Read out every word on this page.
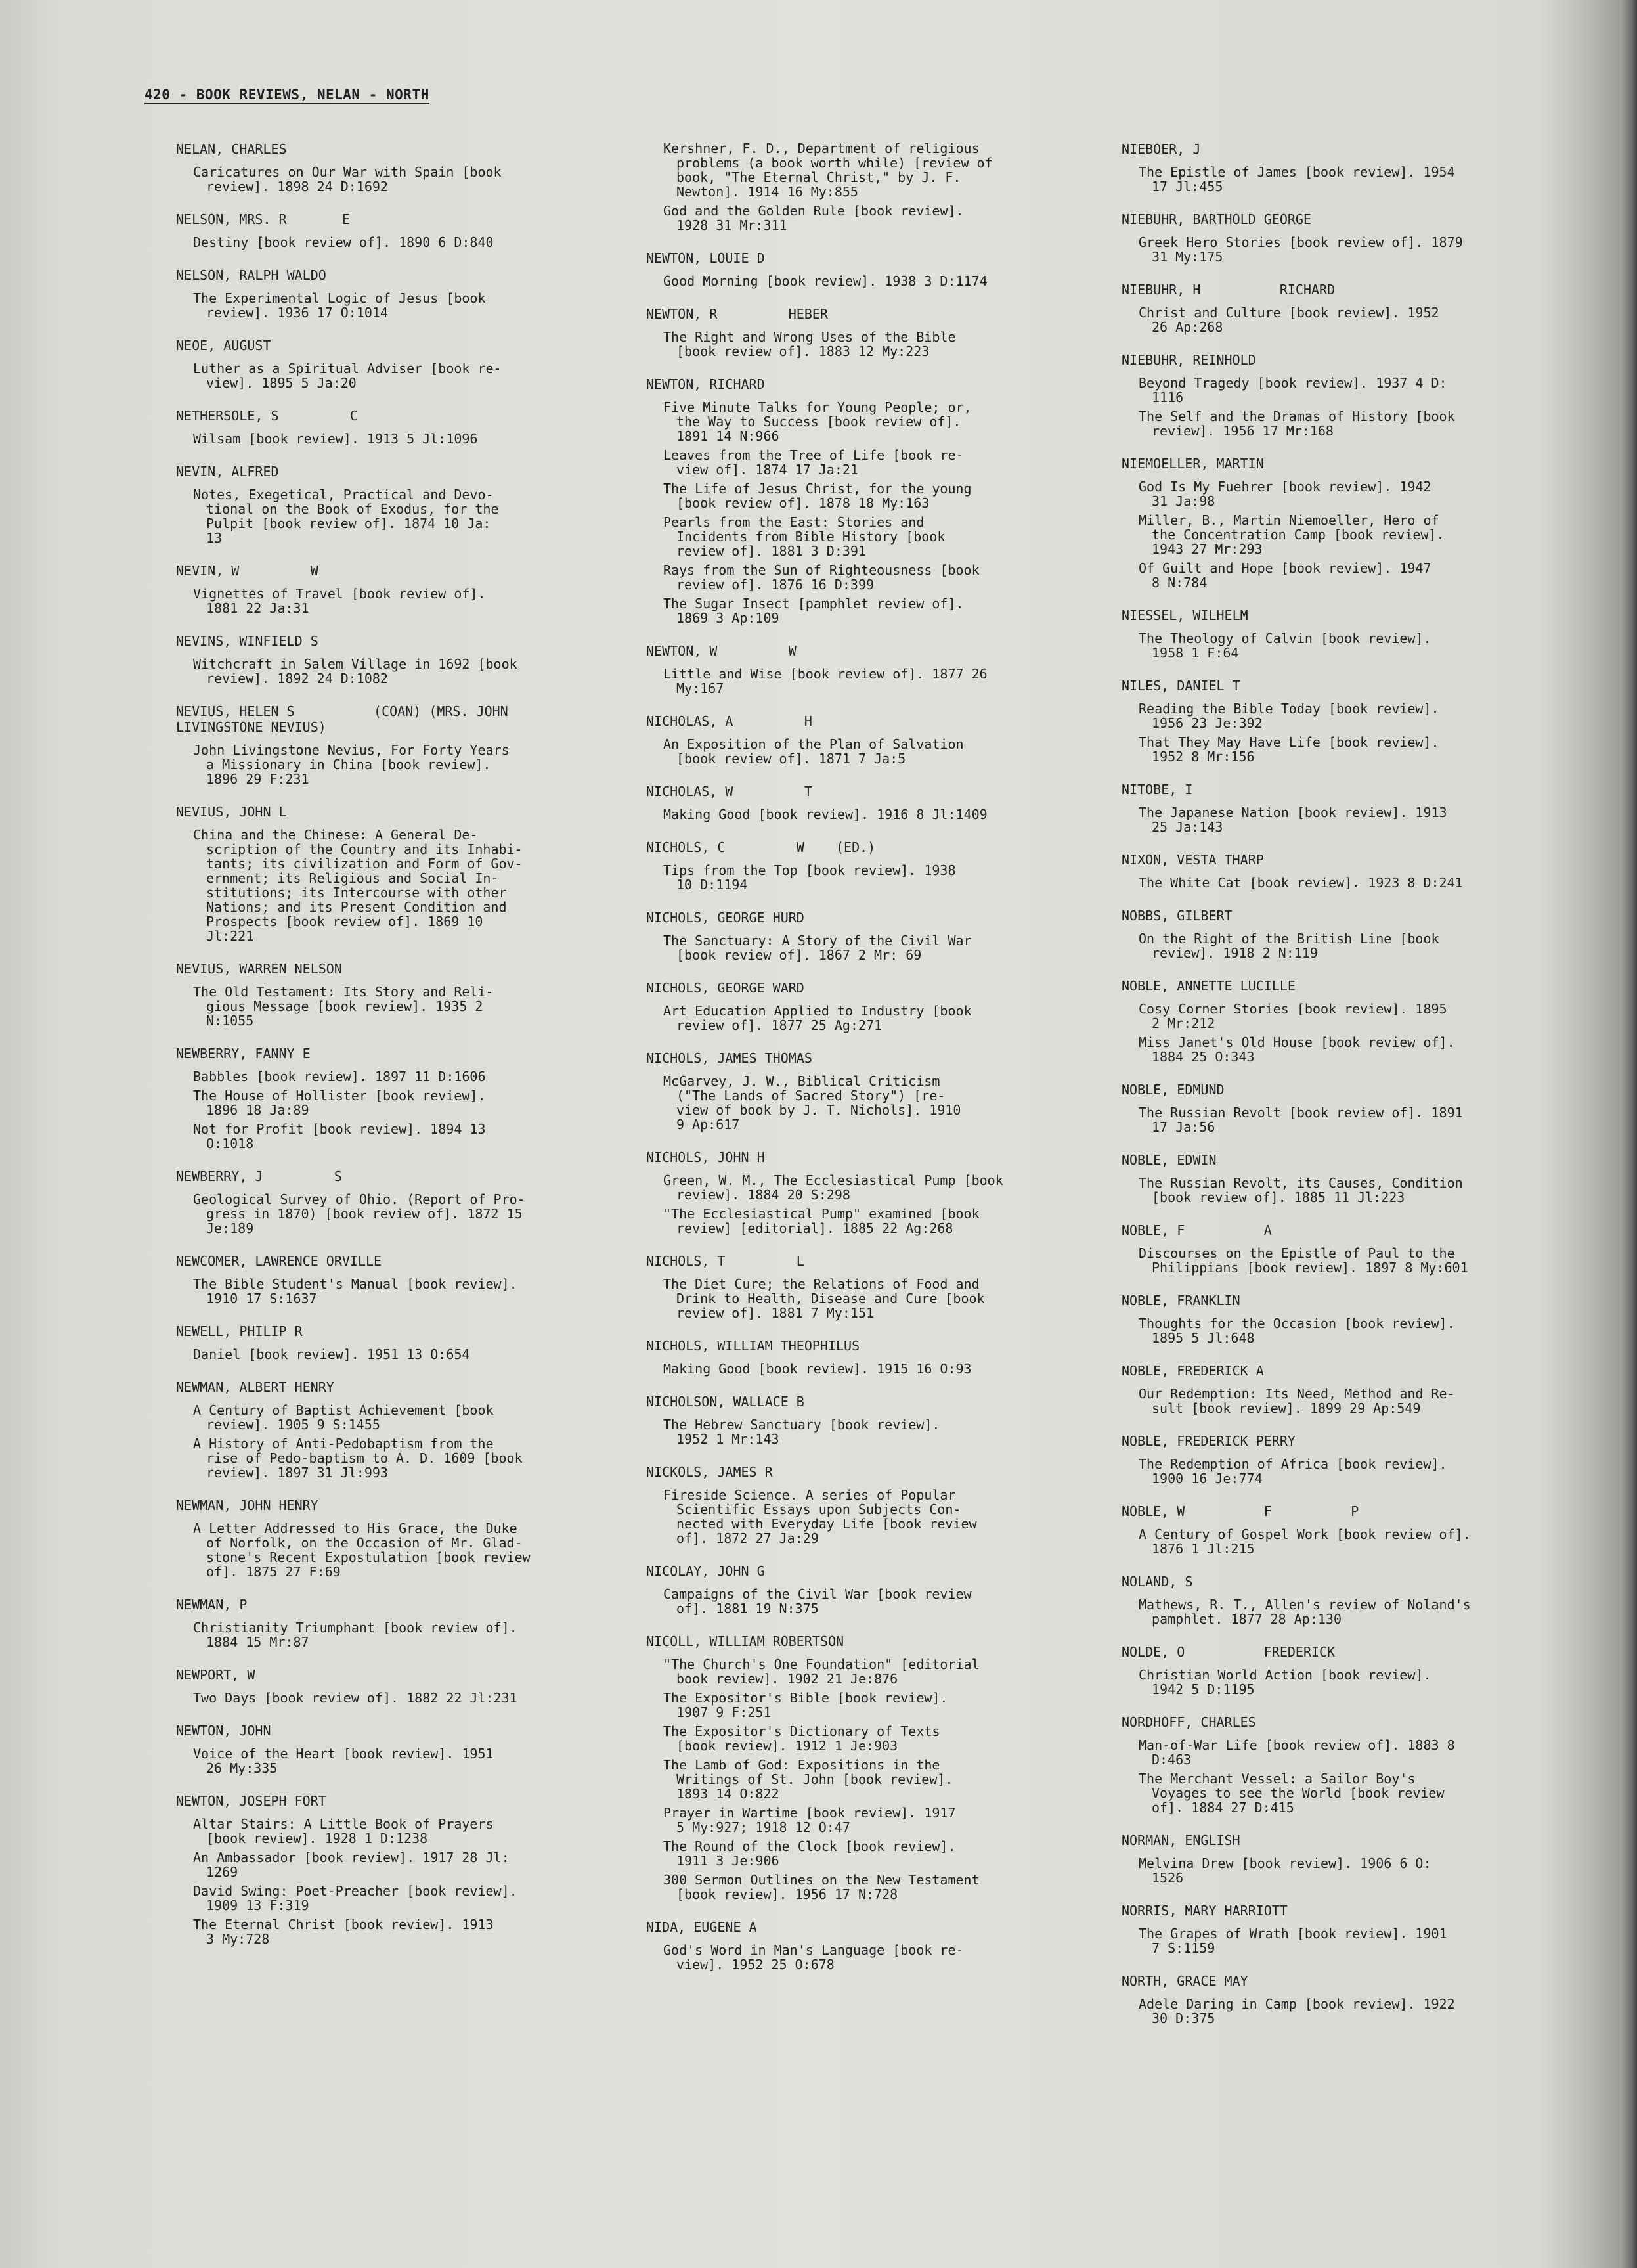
420 - BOOK REVIEWS, NELAN - NORTH
NELAN, CHARLES
Caricatures on Our War with Spain [book
review]. 1898 24 D:1692
NELSON, MRS. R       E
Destiny [book review of]. 1890 6 D:840
NELSON, RALPH WALDO
The Experimental Logic of Jesus [book
review]. 1936 17 O:1014
NEOE, AUGUST
Luther as a Spiritual Adviser [book re-
view]. 1895 5 Ja:20
NETHERSOLE, S         C
Wilsam [book review]. 1913 5 Jl:1096
NEVIN, ALFRED
Notes, Exegetical, Practical and Devo-
tional on the Book of Exodus, for the
Pulpit [book review of]. 1874 10 Ja:
13
NEVIN, W         W
Vignettes of Travel [book review of].
1881 22 Ja:31
NEVINS, WINFIELD S
Witchcraft in Salem Village in 1692 [book
review]. 1892 24 D:1082
NEVIUS, HELEN S          (COAN) (MRS. JOHN
LIVINGSTONE NEVIUS)
John Livingstone Nevius, For Forty Years
a Missionary in China [book review].
1896 29 F:231
NEVIUS, JOHN L
China and the Chinese: A General De-
scription of the Country and its Inhabi-
tants; its civilization and Form of Gov-
ernment; its Religious and Social In-
stitutions; its Intercourse with other
Nations; and its Present Condition and
Prospects [book review of]. 1869 10
Jl:221
NEVIUS, WARREN NELSON
The Old Testament: Its Story and Reli-
gious Message [book review]. 1935 2
N:1055
NEWBERRY, FANNY E
Babbles [book review]. 1897 11 D:1606
The House of Hollister [book review].
1896 18 Ja:89
Not for Profit [book review]. 1894 13
O:1018
NEWBERRY, J         S
Geological Survey of Ohio. (Report of Pro-
gress in 1870) [book review of]. 1872 15
Je:189
NEWCOMER, LAWRENCE ORVILLE
The Bible Student's Manual [book review].
1910 17 S:1637
NEWELL, PHILIP R
Daniel [book review]. 1951 13 O:654
NEWMAN, ALBERT HENRY
A Century of Baptist Achievement [book
review]. 1905 9 S:1455
A History of Anti-Pedobaptism from the
rise of Pedo-baptism to A. D. 1609 [book
review]. 1897 31 Jl:993
NEWMAN, JOHN HENRY
A Letter Addressed to His Grace, the Duke
of Norfolk, on the Occasion of Mr. Glad-
stone's Recent Expostulation [book review
of]. 1875 27 F:69
NEWMAN, P
Christianity Triumphant [book review of].
1884 15 Mr:87
NEWPORT, W
Two Days [book review of]. 1882 22 Jl:231
NEWTON, JOHN
Voice of the Heart [book review]. 1951
26 My:335
NEWTON, JOSEPH FORT
Altar Stairs: A Little Book of Prayers
[book review]. 1928 1 D:1238
An Ambassador [book review]. 1917 28 Jl:
1269
David Swing: Poet-Preacher [book review].
1909 13 F:319
The Eternal Christ [book review]. 1913
3 My:728
Kershner, F. D., Department of religious
problems (a book worth while) [review of
book, "The Eternal Christ," by J. F.
Newton]. 1914 16 My:855
God and the Golden Rule [book review].
1928 31 Mr:311
NEWTON, LOUIE D
Good Morning [book review]. 1938 3 D:1174
NEWTON, R         HEBER
The Right and Wrong Uses of the Bible
[book review of]. 1883 12 My:223
NEWTON, RICHARD
Five Minute Talks for Young People; or,
the Way to Success [book review of].
1891 14 N:966
Leaves from the Tree of Life [book re-
view of]. 1874 17 Ja:21
The Life of Jesus Christ, for the young
[book review of]. 1878 18 My:163
Pearls from the East: Stories and
Incidents from Bible History [book
review of]. 1881 3 D:391
Rays from the Sun of Righteousness [book
review of]. 1876 16 D:399
The Sugar Insect [pamphlet review of].
1869 3 Ap:109
NEWTON, W         W
Little and Wise [book review of]. 1877 26
My:167
NICHOLAS, A         H
An Exposition of the Plan of Salvation
[book review of]. 1871 7 Ja:5
NICHOLAS, W         T
Making Good [book review]. 1916 8 Jl:1409
NICHOLS, C         W    (ED.)
Tips from the Top [book review]. 1938
10 D:1194
NICHOLS, GEORGE HURD
The Sanctuary: A Story of the Civil War
[book review of]. 1867 2 Mr: 69
NICHOLS, GEORGE WARD
Art Education Applied to Industry [book
review of]. 1877 25 Ag:271
NICHOLS, JAMES THOMAS
McGarvey, J. W., Biblical Criticism
("The Lands of Sacred Story") [re-
view of book by J. T. Nichols]. 1910
9 Ap:617
NICHOLS, JOHN H
Green, W. M., The Ecclesiastical Pump [book
review]. 1884 20 S:298
"The Ecclesiastical Pump" examined [book
review] [editorial]. 1885 22 Ag:268
NICHOLS, T         L
The Diet Cure; the Relations of Food and
Drink to Health, Disease and Cure [book
review of]. 1881 7 My:151
NICHOLS, WILLIAM THEOPHILUS
Making Good [book review]. 1915 16 O:93
NICHOLSON, WALLACE B
The Hebrew Sanctuary [book review].
1952 1 Mr:143
NICKOLS, JAMES R
Fireside Science. A series of Popular
Scientific Essays upon Subjects Con-
nected with Everyday Life [book review
of]. 1872 27 Ja:29
NICOLAY, JOHN G
Campaigns of the Civil War [book review
of]. 1881 19 N:375
NICOLL, WILLIAM ROBERTSON
"The Church's One Foundation" [editorial
book review]. 1902 21 Je:876
The Expositor's Bible [book review].
1907 9 F:251
The Expositor's Dictionary of Texts
[book review]. 1912 1 Je:903
The Lamb of God: Expositions in the
Writings of St. John [book review].
1893 14 O:822
Prayer in Wartime [book review]. 1917
5 My:927; 1918 12 O:47
The Round of the Clock [book review].
1911 3 Je:906
300 Sermon Outlines on the New Testament
[book review]. 1956 17 N:728
NIDA, EUGENE A
God's Word in Man's Language [book re-
view]. 1952 25 O:678
NIEBOER, J
The Epistle of James [book review]. 1954
17 Jl:455
NIEBUHR, BARTHOLD GEORGE
Greek Hero Stories [book review of]. 1879
31 My:175
NIEBUHR, H          RICHARD
Christ and Culture [book review]. 1952
26 Ap:268
NIEBUHR, REINHOLD
Beyond Tragedy [book review]. 1937 4 D:
1116
The Self and the Dramas of History [book
review]. 1956 17 Mr:168
NIEMOELLER, MARTIN
God Is My Fuehrer [book review]. 1942
31 Ja:98
Miller, B., Martin Niemoeller, Hero of
the Concentration Camp [book review].
1943 27 Mr:293
Of Guilt and Hope [book review]. 1947
8 N:784
NIESSEL, WILHELM
The Theology of Calvin [book review].
1958 1 F:64
NILES, DANIEL T
Reading the Bible Today [book review].
1956 23 Je:392
That They May Have Life [book review].
1952 8 Mr:156
NITOBE, I
The Japanese Nation [book review]. 1913
25 Ja:143
NIXON, VESTA THARP
The White Cat [book review]. 1923 8 D:241
NOBBS, GILBERT
On the Right of the British Line [book
review]. 1918 2 N:119
NOBLE, ANNETTE LUCILLE
Cosy Corner Stories [book review]. 1895
2 Mr:212
Miss Janet's Old House [book review of].
1884 25 O:343
NOBLE, EDMUND
The Russian Revolt [book review of]. 1891
17 Ja:56
NOBLE, EDWIN
The Russian Revolt, its Causes, Condition
[book review of]. 1885 11 Jl:223
NOBLE, F          A
Discourses on the Epistle of Paul to the
Philippians [book review]. 1897 8 My:601
NOBLE, FRANKLIN
Thoughts for the Occasion [book review].
1895 5 Jl:648
NOBLE, FREDERICK A
Our Redemption: Its Need, Method and Re-
sult [book review]. 1899 29 Ap:549
NOBLE, FREDERICK PERRY
The Redemption of Africa [book review].
1900 16 Je:774
NOBLE, W          F          P
A Century of Gospel Work [book review of].
1876 1 Jl:215
NOLAND, S
Mathews, R. T., Allen's review of Noland's
pamphlet. 1877 28 Ap:130
NOLDE, O          FREDERICK
Christian World Action [book review].
1942 5 D:1195
NORDHOFF, CHARLES
Man-of-War Life [book review of]. 1883 8
D:463
The Merchant Vessel: a Sailor Boy's
Voyages to see the World [book review
of]. 1884 27 D:415
NORMAN, ENGLISH
Melvina Drew [book review]. 1906 6 O:
1526
NORRIS, MARY HARRIOTT
The Grapes of Wrath [book review]. 1901
7 S:1159
NORTH, GRACE MAY
Adele Daring in Camp [book review]. 1922
30 D:375
